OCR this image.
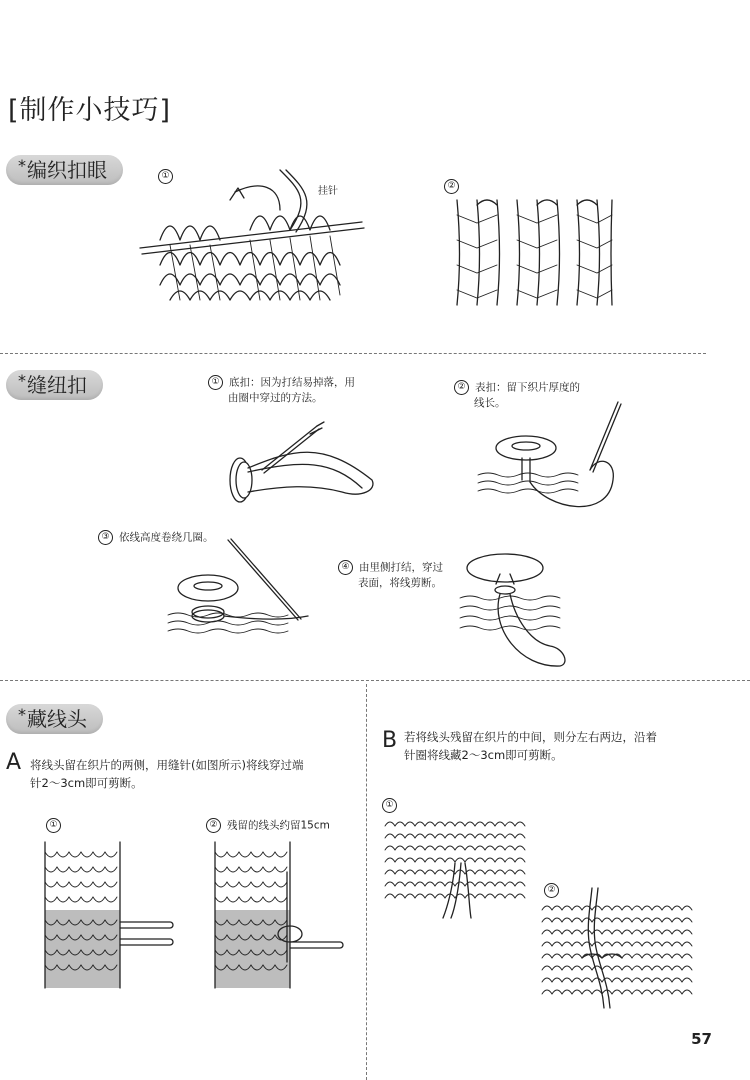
[制作小技巧]
*编织扣眼	①
挂针	②
*缝纽扣	① 底扣：因为打结易掉落，用
由圈中穿过的方法。
② 表扣：留下织片厚度的
线长。
③ 依线高度卷绕几圈。
④ 由里侧打结，穿过
表面，将线剪断。
*藏线头
A 将线头留在织片的两侧，用缝针(如图所示)将线穿过端
针2～3cm即可剪断。
①	② 残留的线头约留15cm
B 若将线头残留在织片的中间，则分左右两边，沿着
针圈将线藏2～3cm即可剪断。
①
②
57
